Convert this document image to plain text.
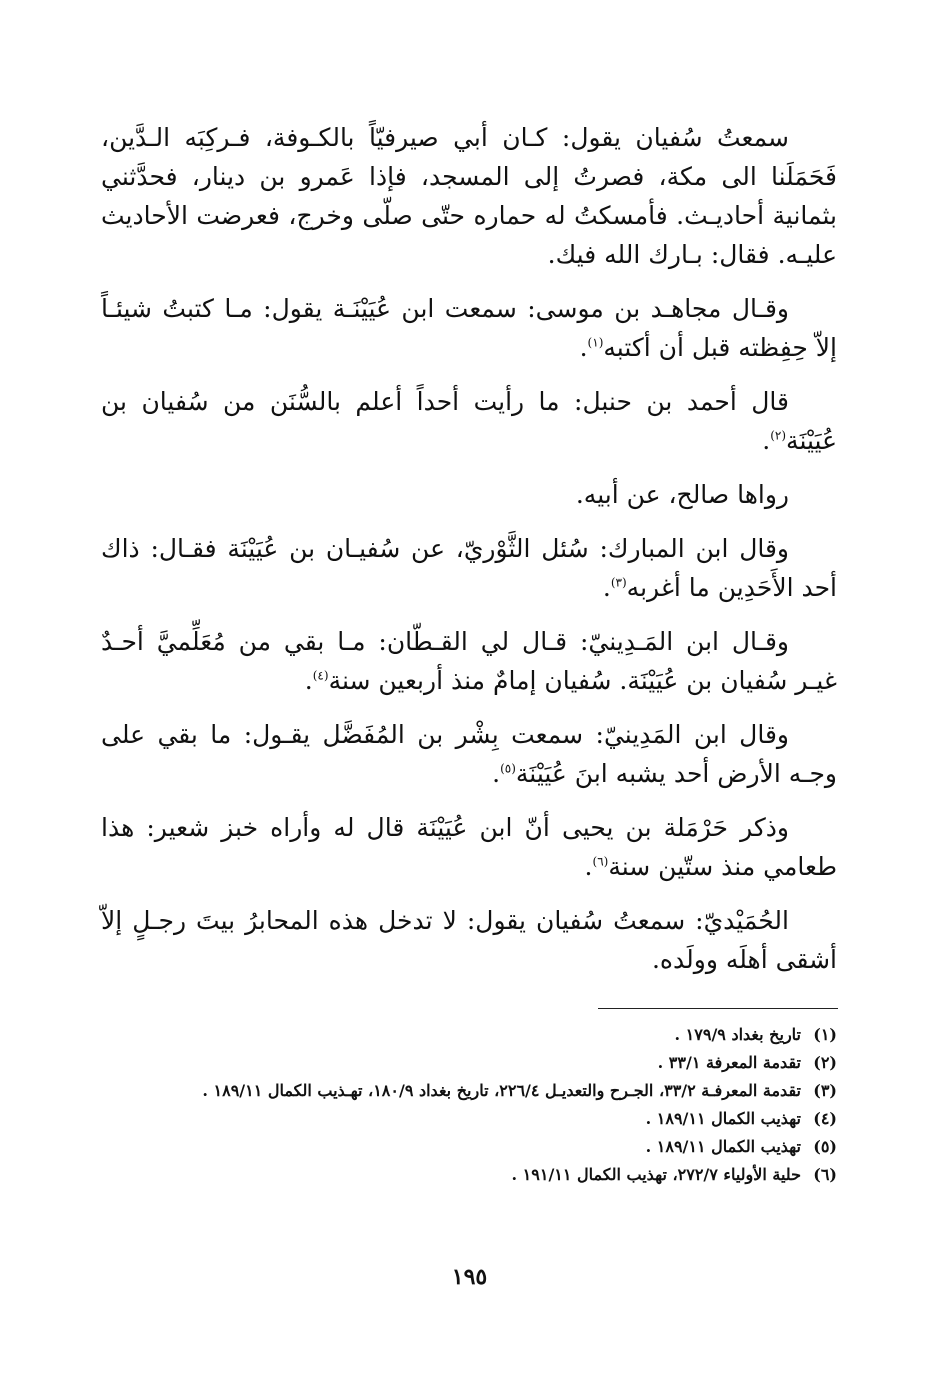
سمعتُ سُفيان يقول: كـان أبي صيرفيّاً بالكـوفة، فـركِبَه الـدَّين، فَحَمَلَنا الى مكة، فصرتُ إلى المسجد، فإذا عَمرو بن دينار، فحدَّثني بثمانية أحاديـث. فأمسكتُ له حماره حتّى صلّى وخرج، فعرضت الأحاديث عليـه. فقال: بـارك الله فيك.

وقـال مجاهـد بن موسى: سمعت ابن عُيَيْنَـة يقول: مـا كتبتُ شيئـاً إلاّ حِفِظته قبل أن أكتبه$^{(١)}$.

قال أحمد بن حنبل: ما رأيت أحداً أعلم بالسُّنَن من سُفيان بن عُيَيْنَة$^{(٢)}$.

رواها صالح، عن أبيه.

وقال ابن المبارك: سُئل الثَّوْريّ، عن سُفيـان بن عُيَيْنَة فقـال: ذاك أحد الأَحَدِين ما أغربه$^{(٣)}$.

وقـال ابن المَـدِينيّ: قـال لي القـطّان: مـا بقي من مُعَلِّميَّ أحـدٌ غيـر سُفيان بن عُيَيْنَة. سُفيان إمامٌ منذ أربعين سنة$^{(٤)}$.

وقال ابن المَدِينيّ: سمعت بِشْر بن المُفَضَّل يقـول: ما بقي على وجـه الأرض أحد يشبه ابنَ عُيَيْنَة$^{(٥)}$.

وذكر حَرْمَلة بن يحيى أنّ ابن عُيَيْنَة قال له وأراه خبز شعير: هذا طعامي منذ ستّين سنة$^{(٦)}$.

الحُمَيْديّ: سمعتُ سُفيان يقول: لا تدخل هذه المحابرُ بيتَ رجـلٍ إلاّ أشقى أهلَه وولَده.

(١)
تاريخ بغداد ١٧٩/٩ .

(٢)
تقدمة المعرفة ٣٣/١ .

(٣)
تقدمة المعرفـة ٣٣/٢، الجـرح والتعديـل ٢٢٦/٤، تاريخ بغداد ١٨٠/٩، تهـذيب الكمال ١٨٩/١١ .

(٤)
تهذيب الكمال ١٨٩/١١ .

(٥)
تهذيب الكمال ١٨٩/١١ .

(٦)
حلية الأولياء ٢٧٢/٧، تهذيب الكمال ١٩١/١١ .

١٩٥
